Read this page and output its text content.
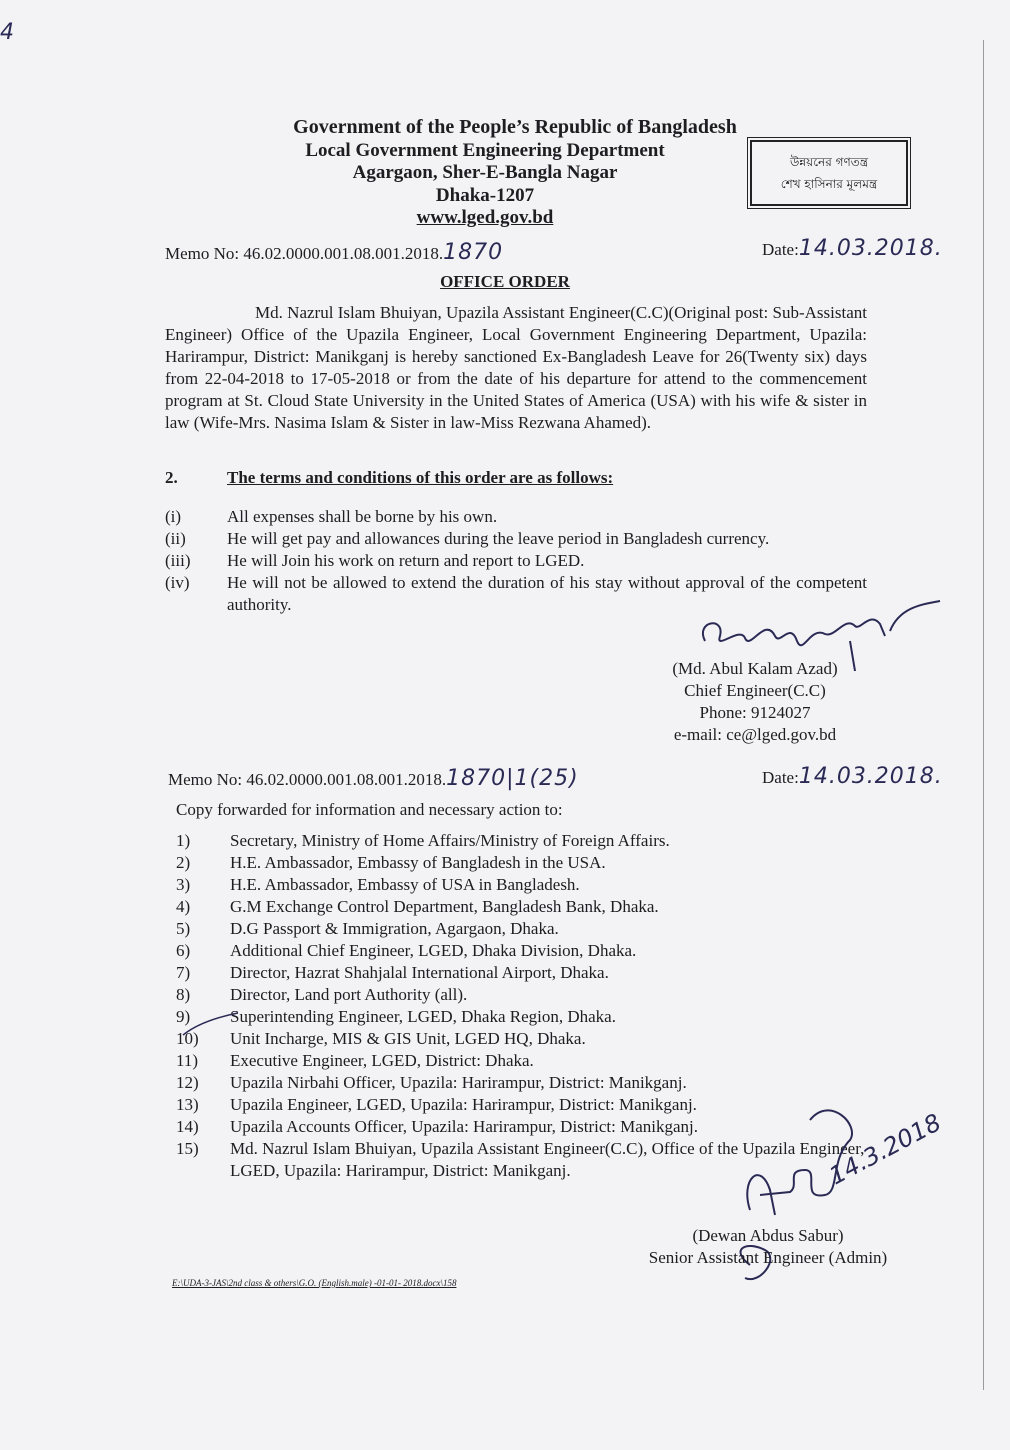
4
Government of the People’s Republic of Bangladesh
Local Government Engineering Department
Agargaon, Sher-E-Bangla Nagar
Dhaka-1207
www.lged.gov.bd
উন্নয়নের গণতন্ত্র
শেখ হাসিনার মূলমন্ত্র
Memo No: 46.02.0000.001.08.001.2018.1870	Date:14.03.2018.
OFFICE ORDER
Md. Nazrul Islam Bhuiyan, Upazila Assistant Engineer(C.C)(Original post: Sub-Assistant Engineer) Office of the Upazila Engineer, Local Government Engineering Department, Upazila: Harirampur, District: Manikganj is hereby sanctioned Ex-Bangladesh Leave for 26(Twenty six) days from 22-04-2018 to 17-05-2018 or from the date of his departure for attend to the commencement program at St. Cloud State University in the United States of America (USA) with his wife & sister in law (Wife-Mrs. Nasima Islam & Sister in law-Miss Rezwana Ahamed).
2.	The terms and conditions of this order are as follows:
(i)	All expenses shall be borne by his own.
(ii)	He will get pay and allowances during the leave period in Bangladesh currency.
(iii)	He will Join his work on return and report to LGED.
(iv)	He will not be allowed to extend the duration of his stay without approval of the competent authority.
(Md. Abul Kalam Azad)
Chief Engineer(C.C)
Phone: 9124027
e-mail: ce@lged.gov.bd
Memo No: 46.02.0000.001.08.001.2018.1870|1(25)	Date:14.03.2018.
Copy forwarded for information and necessary action to:
1)	Secretary, Ministry of Home Affairs/Ministry of Foreign Affairs.
2)	H.E. Ambassador, Embassy of Bangladesh in the USA.
3)	H.E. Ambassador, Embassy of USA in Bangladesh.
4)	G.M Exchange Control Department, Bangladesh Bank, Dhaka.
5)	D.G Passport & Immigration, Agargaon, Dhaka.
6)	Additional Chief Engineer, LGED, Dhaka Division, Dhaka.
7)	Director, Hazrat Shahjalal International Airport, Dhaka.
8)	Director, Land port Authority (all).
9)	Superintending Engineer, LGED, Dhaka Region, Dhaka.
10)	Unit Incharge, MIS & GIS Unit, LGED HQ, Dhaka.
11)	Executive Engineer, LGED, District: Dhaka.
12)	Upazila Nirbahi Officer, Upazila: Harirampur, District: Manikganj.
13)	Upazila Engineer, LGED, Upazila: Harirampur, District: Manikganj.
14)	Upazila Accounts Officer, Upazila: Harirampur, District: Manikganj.
15)	Md. Nazrul Islam Bhuiyan, Upazila Assistant Engineer(C.C), Office of the Upazila Engineer, LGED, Upazila: Harirampur, District: Manikganj.	14.3.2018
(Dewan Abdus Sabur)
Senior Assistant Engineer (Admin)
E:\UDA-3-JAS\2nd class & others\G.O. (English.male) -01-01- 2018.docx\158
